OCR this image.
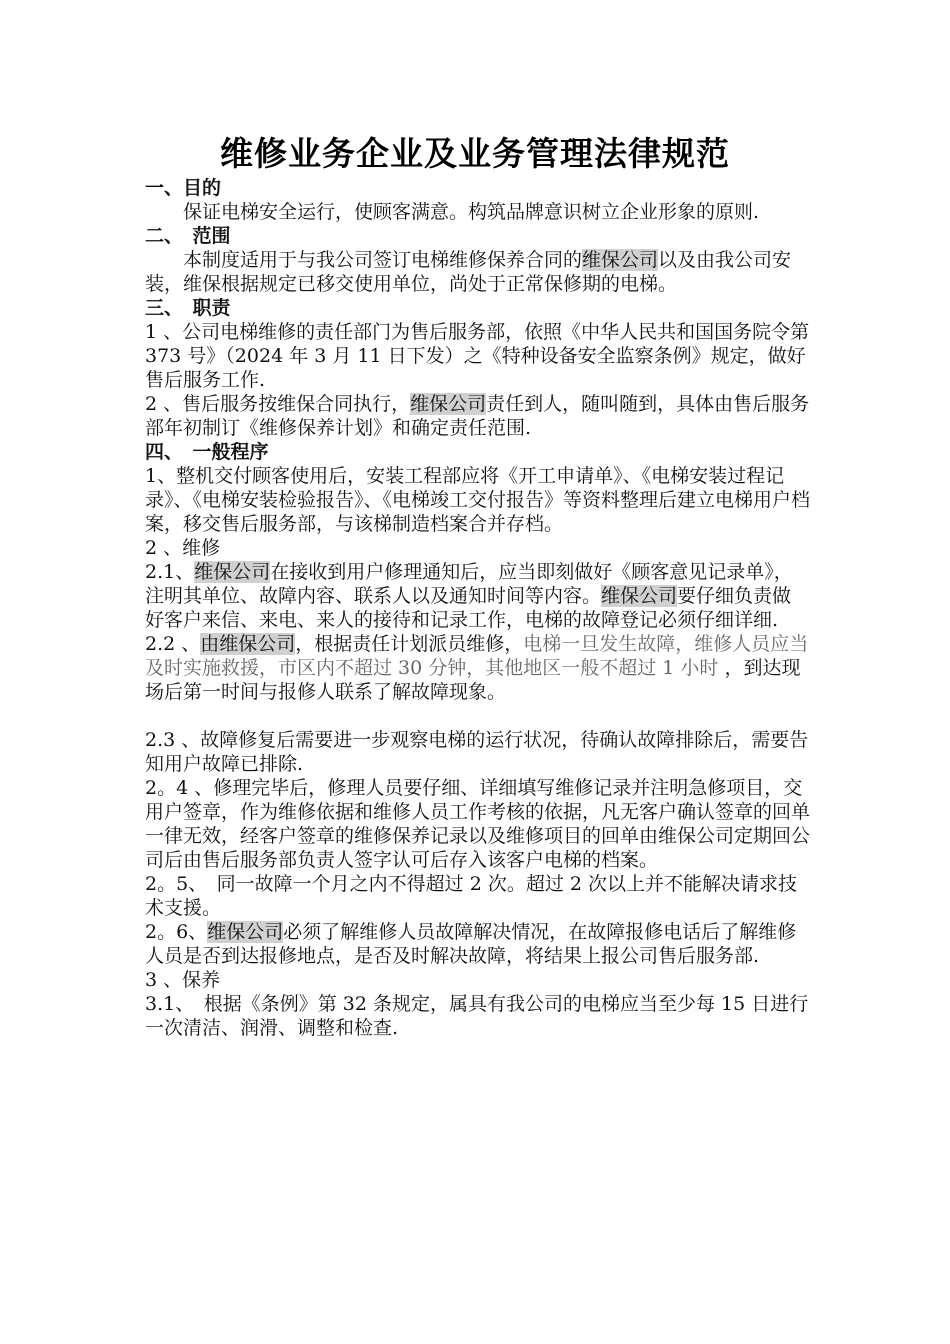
维修业务企业及业务管理法律规范
一、目的

保证电梯安全运行，使顾客满意。构筑品牌意识树立企业形象的原则.

二、　范围

本制度适用于与我公司签订电梯维修保养合同的维保公司以及由我公司安装，维保根据规定已移交使用单位，尚处于正常保修期的电梯。

三、　职责

1 、公司电梯维修的责任部门为售后服务部，依照《中华人民共和国国务院令第 373 号》（2024 年 3 月 11 日下发）之《特种设备安全监察条例》规定，做好售后服务工作.

2 、售后服务按维保合同执行，维保公司责任到人，随叫随到，具体由售后服务部年初制订《维修保养计划》和确定责任范围.

四、　一般程序

1、整机交付顾客使用后，安装工程部应将《开工申请单》、《电梯安装过程记录》、《电梯安装检验报告》、《电梯竣工交付报告》等资料整理后建立电梯用户档案，移交售后服务部，与该梯制造档案合并存档。

2 、维修

2.1、维保公司在接收到用户修理通知后，应当即刻做好《顾客意见记录单》，注明其单位、故障内容、联系人以及通知时间等内容。维保公司要仔细负责做好客户来信、来电、来人的接待和记录工作，电梯的故障登记必须仔细详细.

2.2 、由维保公司，根据责任计划派员维修，电梯一旦发生故障，维修人员应当及时实施救援，市区内不超过 30 分钟，其他地区一般不超过 1 小时 ，到达现场后第一时间与报修人联系了解故障现象。

2.3 、故障修复后需要进一步观察电梯的运行状况，待确认故障排除后，需要告知用户故障已排除.

2。4 、修理完毕后，修理人员要仔细、详细填写维修记录并注明急修项目，交用户签章，作为维修依据和维修人员工作考核的依据，凡无客户确认签章的回单一律无效，经客户签章的维修保养记录以及维修项目的回单由维保公司定期回公司后由售后服务部负责人签字认可后存入该客户电梯的档案。

2。5、　同一故障一个月之内不得超过 2 次。超过 2 次以上并不能解决请求技术支援。

2。6、维保公司必须了解维修人员故障解决情况，在故障报修电话后了解维修人员是否到达报修地点，是否及时解决故障，将结果上报公司售后服务部.

3 、保养

3.1、　根据《条例》第 32 条规定，属具有我公司的电梯应当至少每 15 日进行一次清洁、润滑、调整和检查.
